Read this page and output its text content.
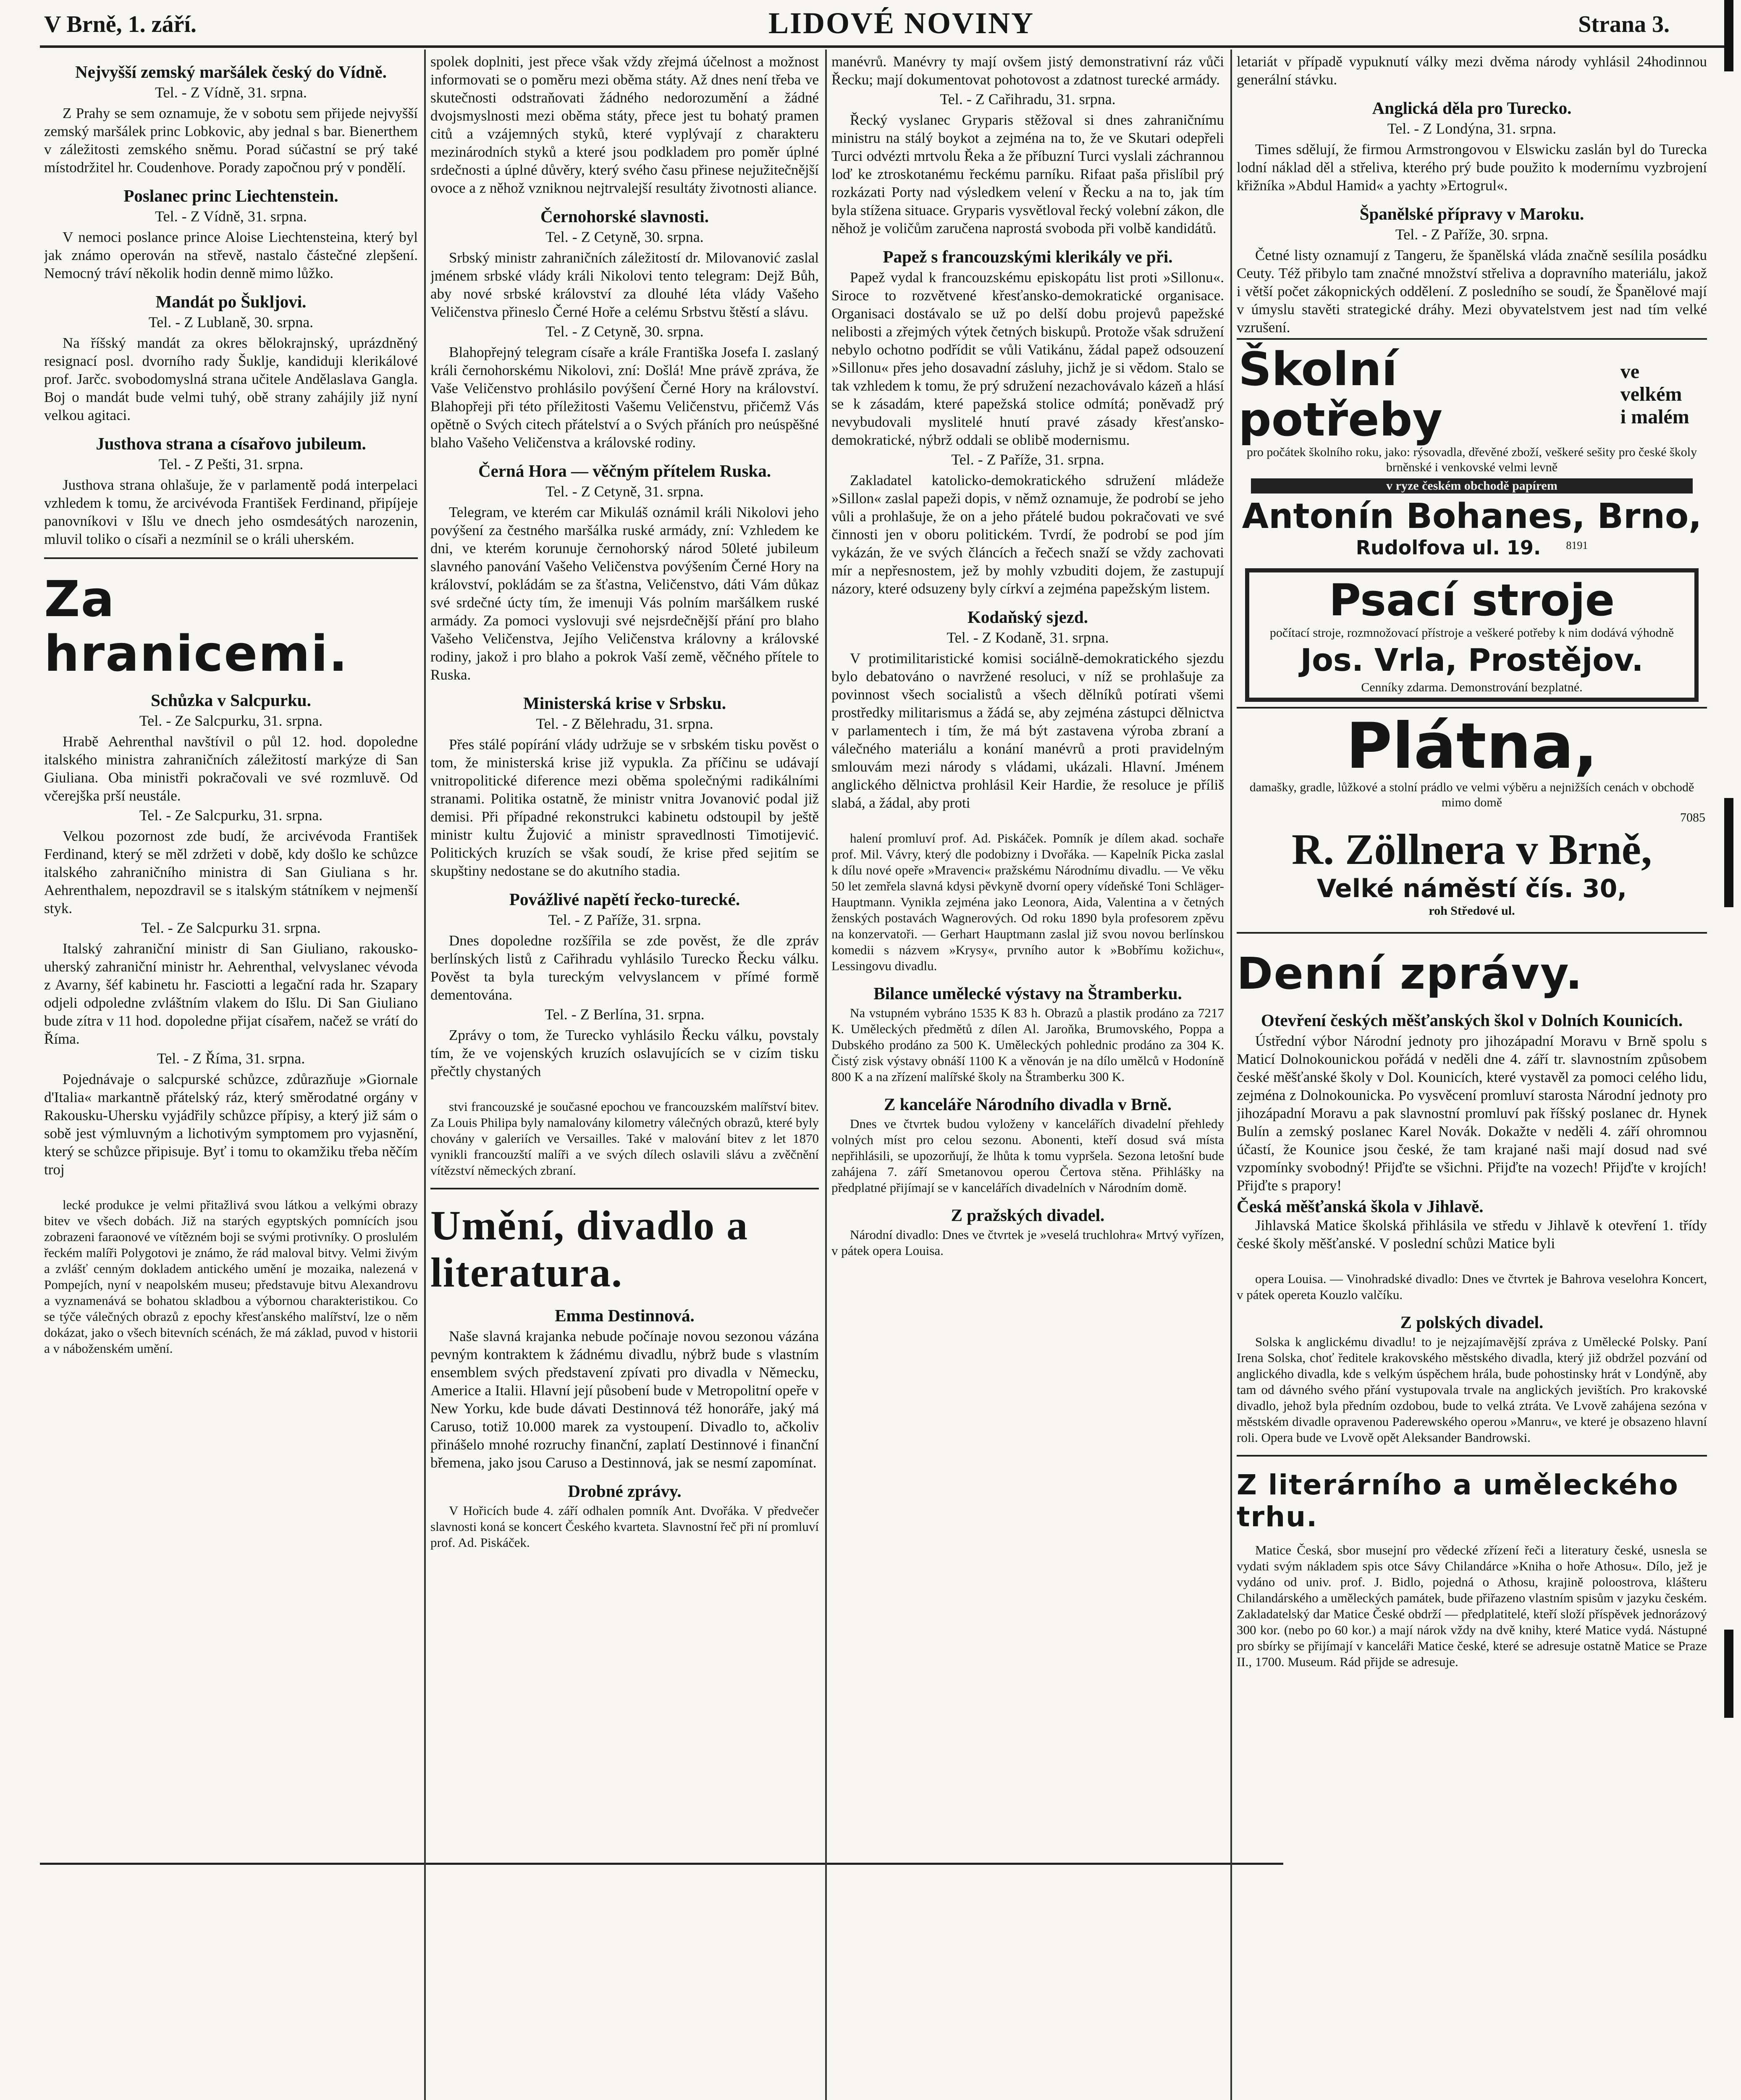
V Brně, 1. září.	LIDOVÉ NOVINY	Strana 3.
Nejvyšší zemský maršálek český do Vídně.
Tel. - Z Vídně, 31. srpna.

Z Prahy se sem oznamuje, že v sobotu sem přijede nejvyšší zemský maršálek princ Lobkovic, aby jednal s bar. Bienerthem v záležitosti zemského sněmu. Porad súčastní se prý také místodržitel hr. Coudenhove. Porady započnou prý v pondělí.

Poslanec princ Liechtenstein.
Tel. - Z Vídně, 31. srpna.

V nemoci poslance prince Aloise Liechtensteina, který byl jak známo operován na střevě, nastalo částečné zlepšení. Nemocný tráví několik hodin denně mimo lůžko.

Mandát po Šukljovi.
Tel. - Z Lublaně, 30. srpna.

Na říšský mandát za okres bělokrajnský, uprázdněný resignací posl. dvorního rady Šuklje, kandiduji klerikálové prof. Jarčc. svobodomyslná strana učitele Andělaslava Gangla. Boj o mandát bude velmi tuhý, obě strany zahájily již nyní velkou agitaci.

Justhova strana a císařovo jubileum.
Tel. - Z Pešti, 31. srpna.

Justhova strana ohlašuje, že v parlamentě podá interpelaci vzhledem k tomu, že arcivévoda František Ferdinand, připíjeje panovníkovi v Išlu ve dnech jeho osmdesátých narozenin, mluvil toliko o císaři a nezmínil se o králi uherském.

Za hranicemi.
Schůzka v Salcpurku.
Tel. - Ze Salcpurku, 31. srpna.

Hrabě Aehrenthal navštívil o půl 12. hod. dopoledne italského ministra zahraničních záležitostí markýze di San Giuliana. Oba ministři pokračovali ve své rozmluvě. Od včerejška prší neustále.

Tel. - Ze Salcpurku, 31. srpna.

Velkou pozornost zde budí, že arcivévoda František Ferdinand, který se měl zdržeti v době, kdy došlo ke schůzce italského zahraničního ministra di San Giuliana s hr. Aehrenthalem, nepozdravil se s italským státníkem v nejmenší styk.

Tel. - Ze Salcpurku 31. srpna.

Italský zahraniční ministr di San Giuliano, rakousko-uherský zahraniční ministr hr. Aehrenthal, velvyslanec vévoda z Avarny, šéf kabinetu hr. Fasciotti a legační rada hr. Szapary odjeli odpoledne zvláštním vlakem do Išlu. Di San Giuliano bude zítra v 11 hod. dopoledne přijat císařem, načež se vrátí do Říma.

Tel. - Z Říma, 31. srpna.

Pojednávaje o salcpurské schůzce, zdůrazňuje »Giornale d'Italia« markantně přátelský ráz, který směrodatné orgány v Rakousku-Uhersku vyjádřily schůzce přípisy, a který již sám o sobě jest výmluvným a lichotivým symptomem pro vyjasnění, který se schůzce připisuje. Byť i tomu to okamžiku třeba něčím troj

lecké produkce je velmi přitažlivá svou látkou a velkými obrazy bitev ve všech dobách. Již na starých egyptských pomnících jsou zobrazeni faraonové ve vítězném boji se svými protivníky. O proslulém řeckém malíři Polygotovi je známo, že rád maloval bitvy. Velmi živým a zvlášť cenným dokladem antického umění je mozaika, nalezená v Pompejích, nyní v neapolském museu; představuje bitvu Alexandrovu a vyznamenává se bohatou skladbou a výbornou charakteristikou. Co se týče válečných obrazů z epochy křesťanského malířství, lze o něm dokázat, jako o všech bitevních scénách, že má základ, puvod v historii a v náboženském umění.

spolek doplniti, jest přece však vždy zřejmá účelnost a možnost informovati se o poměru mezi oběma státy. Až dnes není třeba ve skutečnosti odstraňovati žádného nedorozumění a žádné dvojsmyslnosti mezi oběma státy, přece jest tu bohatý pramen citů a vzájemných styků, které vyplývají z charakteru mezinárodních styků a které jsou podkladem pro poměr úplné srdečnosti a úplné důvěry, který svého času přinese nejužitečnější ovoce a z něhož vzniknou nejtrvalejší resultáty životnosti aliance.

Černohorské slavnosti.
Tel. - Z Cetyně, 30. srpna.

Srbský ministr zahraničních záležitostí dr. Milovanović zaslal jménem srbské vlády králi Nikolovi tento telegram: Dejž Bůh, aby nové srbské království za dlouhé léta vlády Vašeho Veličenstva přineslo Černé Hoře a celému Srbstvu štěstí a slávu.

Tel. - Z Cetyně, 30. srpna.

Blahopřejný telegram císaře a krále Františka Josefa I. zaslaný králi černohorskému Nikolovi, zní: Došlá! Mne právě zpráva, že Vaše Veličenstvo prohlásilo povýšení Černé Hory na království. Blahopřeji při této příležitosti Vašemu Veličenstvu, přičemž Vás opětně o Svých citech přátelství a o Svých přáních pro neúspěšné blaho Vašeho Veličenstva a královské rodiny.

Černá Hora — věčným přítelem Ruska.
Tel. - Z Cetyně, 31. srpna.

Telegram, ve kterém car Mikuláš oznámil králi Nikolovi jeho povýšení za čestného maršálka ruské armády, zní: Vzhledem ke dni, ve kterém korunuje černohorský národ 50leté jubileum slavného panování Vašeho Veličenstva povýšením Černé Hory na království, pokládám se za šťastna, Veličenstvo, dáti Vám důkaz své srdečné úcty tím, že imenuji Vás polním maršálkem ruské armády. Za pomoci vyslovuji své nejsrdečnější přání pro blaho Vašeho Veličenstva, Jejího Veličenstva královny a královské rodiny, jakož i pro blaho a pokrok Vaší země, věčného přítele to Ruska.

Ministerská krise v Srbsku.
Tel. - Z Bělehradu, 31. srpna.

Přes stálé popírání vlády udržuje se v srbském tisku pověst o tom, že ministerská krise již vypukla. Za příčinu se udávají vnitropolitické diference mezi oběma společnými radikálními stranami. Politika ostatně, že ministr vnitra Jovanović podal již demisi. Při případné rekonstrukci kabinetu odstoupil by ještě ministr kultu Žujović a ministr spravedlnosti Timotijević. Politických kruzích se však soudí, že krise před sejitím se skupštiny nedostane se do akutního stadia.

Povážlivé napětí řecko-turecké.
Tel. - Z Paříže, 31. srpna.

Dnes dopoledne rozšířila se zde pověst, že dle zpráv berlínských listů z Cařihradu vyhlásilo Turecko Řecku válku. Pověst ta byla tureckým velvyslancem v přímé formě dementována.

Tel. - Z Berlína, 31. srpna.

Zprávy o tom, že Turecko vyhlásilo Řecku válku, povstaly tím, že ve vojenských kruzích oslavujících se v cizím tisku přečtly chystaných

stvi francouzské je současné epochou ve francouzském malířství bitev. Za Louis Philipa byly namalovány kilometry válečných obrazů, které byly chovány v galeriích ve Versailles. Také v malování bitev z let 1870 vynikli francouzští malíři a ve svých dílech oslavili slávu a zvěčnění vítězství německých zbraní.

Umění, divadlo a literatura.
Emma Destinnová.

Naše slavná krajanka nebude počínaje novou sezonou vázána pevným kontraktem k žádnému divadlu, nýbrž bude s vlastním ensemblem svých představení zpívati pro divadla v Německu, Americe a Italii. Hlavní její působení bude v Metropolitní opeře v New Yorku, kde bude dávati Destinnová též honoráře, jaký má Caruso, totiž 10.000 marek za vystoupení. Divadlo to, ačkoliv přinášelo mnohé rozruchy finanční, zaplatí Destinnové i finanční břemena, jako jsou Caruso a Destinnová, jak se nesmí zapomínat.

Drobné zprávy.

V Hořicích bude 4. září odhalen pomník Ant. Dvořáka. V předvečer slavnosti koná se koncert Českého kvarteta. Slavnostní řeč při ní promluví prof. Ad. Piskáček.

manévrů. Manévry ty mají ovšem jistý demonstrativní ráz vůči Řecku; mají dokumentovat pohotovost a zdatnost turecké armády.

Tel. - Z Cařihradu, 31. srpna.

Řecký vyslanec Gryparis stěžoval si dnes zahraničnímu ministru na stálý boykot a zejména na to, že ve Skutari odepřeli Turci odvézti mrtvolu Řeka a že příbuzní Turci vyslali záchrannou loď ke ztroskotanému řeckému parníku. Rifaat paša přislíbil prý rozkázati Porty nad výsledkem velení v Řecku a na to, jak tím byla stížena situace. Gryparis vysvětloval řecký volební zákon, dle něhož je voličům zaručena naprostá svoboda při volbě kandidátů.

Papež s francouzskými klerikály ve při.

Papež vydal k francouzskému episkopátu list proti »Sillonu«. Siroce to rozvětvené křesťansko-demokratické organisace. Organisaci dostávalo se už po delší dobu projevů papežské nelibosti a zřejmých výtek četných biskupů. Protože však sdružení nebylo ochotno podřídit se vůli Vatikánu, žádal papež odsouzení »Sillonu« přes jeho dosavadní zásluhy, jichž je si vědom. Stalo se tak vzhledem k tomu, že prý sdružení nezachovávalo kázeň a hlásí se k zásadám, které papežská stolice odmítá; poněvadž prý nevybudovali myslitelé hnutí pravé zásady křesťansko-demokratické, nýbrž oddali se oblibě modernismu.

Tel. - Z Paříže, 31. srpna.

Zakladatel katolicko-demokratického sdružení mládeže »Sillon« zaslal papeži dopis, v němž oznamuje, že podrobí se jeho vůli a prohlašuje, že on a jeho přátelé budou pokračovati ve své činnosti jen v oboru politickém. Tvrdí, že podrobí se pod jím vykázán, že ve svých článcích a řečech snaží se vždy zachovati mír a nepřesnostem, jež by mohly vzbuditi dojem, že zastupují názory, které odsuzeny byly církví a zejména papežským listem.

Kodaňský sjezd.
Tel. - Z Kodaně, 31. srpna.

V protimilitaristické komisi sociálně-demokratického sjezdu bylo debatováno o navržené resoluci, v níž se prohlašuje za povinnost všech socialistů a všech dělníků potírati všemi prostředky militarismus a žádá se, aby zejména zástupci dělnictva v parlamentech i tím, že má být zastavena výroba zbraní a válečného materiálu a konání manévrů a proti pravidelným smlouvám mezi národy s vládami, ukázali. Hlavní. Jménem anglického dělnictva prohlásil Keir Hardie, že resoluce je příliš slabá, a žádal, aby proti

halení promluví prof. Ad. Piskáček. Pomník je dílem akad. sochaře prof. Mil. Vávry, který dle podobizny i Dvořáka. — Kapelník Picka zaslal k dílu nové opeře »Mravenci« pražskému Národnímu divadlu. — Ve věku 50 let zemřela slavná kdysi pěvkyně dvorní opery vídeňské Toni Schläger-Hauptmann. Vynikla zejména jako Leonora, Aida, Valentina a v četných ženských postavách Wagnerových. Od roku 1890 byla profesorem zpěvu na konzervatoři. — Gerhart Hauptmann zaslal již svou novou berlínskou komedii s názvem »Krysy«, prvního autor k »Bobřímu kožichu«, Lessingovu divadlu.

Bilance umělecké výstavy na Štramberku.

Na vstupném vybráno 1535 K 83 h. Obrazů a plastik prodáno za 7217 K. Uměleckých předmětů z dílen Al. Jaroňka, Brumovského, Poppa a Dubského prodáno za 500 K. Uměleckých pohlednic prodáno za 304 K. Čistý zisk výstavy obnáší 1100 K a věnován je na dílo umělců v Hodoníně 800 K a na zřízení malířské školy na Štramberku 300 K.

Z kanceláře Národního divadla v Brně.

Dnes ve čtvrtek budou vyloženy v kancelářích divadelní přehledy volných míst pro celou sezonu. Abonenti, kteří dosud svá místa nepřihlásili, se upozorňují, že lhůta k tomu vypršela. Sezona letošní bude zahájena 7. září Smetanovou operou Čertova stěna. Přihlášky na předplatné přijímají se v kancelářích divadelních v Národním domě.

Z pražských divadel.

Národní divadlo: Dnes ve čtvrtek je »veselá truchlohra« Mrtvý vyřízen, v pátek opera Louisa.

letariát v případě vypuknutí války mezi dvěma národy vyhlásil 24hodinnou generální stávku.

Anglická děla pro Turecko.
Tel. - Z Londýna, 31. srpna.

Times sdělují, že firmou Armstrongovou v Elswicku zaslán byl do Turecka lodní náklad děl a střeliva, kterého prý bude použito k modernímu vyzbrojení křižníka »Abdul Hamid« a yachty »Ertogrul«.

Španělské přípravy v Maroku.
Tel. - Z Paříže, 30. srpna.

Četné listy oznamují z Tangeru, že španělská vláda značně sesílila posádku Ceuty. Též přibylo tam značné množství střeliva a dopravního materiálu, jakož i větší počet zákopnických oddělení. Z posledního se soudí, že Španělové mají v úmyslu stavěti strategické dráhy. Mezi obyvatelstvem jest nad tím velké vzrušení.

Školní potřeby
ve velkém
i malém
pro počátek školního roku, jako: rýsovadla, dřevěné zboží, veškeré sešity pro české školy brněnské i venkovské velmi levně
v ryze českém obchodě papírem
Antonín Bohanes, Brno,
Rudolfova ul. 19. 8191
Psací stroje
počítací stroje, rozmnožovací přístroje a veškeré potřeby k nim dodává výhodně
Jos. Vrla, Prostějov.
Cenníky zdarma. Demonstrování bezplatné.
Plátna,
damašky, gradle, lůžkové a stolní prádlo ve velmi výběru a nejnižších cenách v obchodě mimo domě
7085
R. Zöllnera v Brně,
Velké náměstí čís. 30,
roh Středové ul.
Denní zprávy.
Otevření českých měšťanských škol v Dolních Kounicích.

Ústřední výbor Národní jednoty pro jihozápadní Moravu v Brně spolu s Maticí Dolnokounickou pořádá v neděli dne 4. září tr. slavnostním způsobem české měšťanské školy v Dol. Kounicích, které vystavěl za pomoci celého lidu, zejména z Dolnokounicka. Po vysvěcení promluví starosta Národní jednoty pro jihozápadní Moravu a pak slavnostní promluví pak říšský poslanec dr. Hynek Bulín a zemský poslanec Karel Novák. Dokažte v neděli 4. září ohromnou účastí, že Kounice jsou české, že tam krajané naši mají dosud nad své vzpomínky svobodný! Přijďte se všichni. Přijďte na vozech! Přijďte v krojích! Přijďte s prapory!

Česká měšťanská škola v Jihlavě.

Jihlavská Matice školská přihlásila ve středu v Jihlavě k otevření 1. třídy české školy měšťanské. V poslední schůzi Matice byli

opera Louisa. — Vinohradské divadlo: Dnes ve čtvrtek je Bahrova veselohra Koncert, v pátek opereta Kouzlo valčíku.

Z polských divadel.

Solska k anglickému divadlu! to je nejzajímavější zpráva z Umělecké Polsky. Paní Irena Solska, choť ředitele krakovského městského divadla, který již obdržel pozvání od anglického divadla, kde s velkým úspěchem hrála, bude pohostinsky hrát v Londýně, aby tam od dávného svého přání vystupovala trvale na anglických jevištích. Pro krakovské divadlo, jehož byla předním ozdobou, bude to velká ztráta. Ve Lvově zahájena sezóna v městském divadle opravenou Paderewského operou »Manru«, ve které je obsazeno hlavní roli. Opera bude ve Lvově opět Aleksander Bandrowski.

Z literárního a uměleckého trhu.

Matice Česká, sbor musejní pro vědecké zřízení řeči a literatury české, usnesla se vydati svým nákladem spis otce Sávy Chilandárce »Kniha o hoře Athosu«. Dílo, jež je vydáno od univ. prof. J. Bidlo, pojedná o Athosu, krajině poloostrova, klášteru Chilandárského a uměleckých památek, bude přiřazeno vlastním spisům v jazyku českém. Zakladatelský dar Matice České obdrží — předplatitelé, kteří složí příspěvek jednorázový 300 kor. (nebo po 60 kor.) a mají nárok vždy na dvě knihy, které Matice vydá. Nástupné pro sbírky se přijímají v kanceláři Matice české, které se adresuje ostatně Matice se Praze II., 1700. Museum. Rád přijde se adresuje.
